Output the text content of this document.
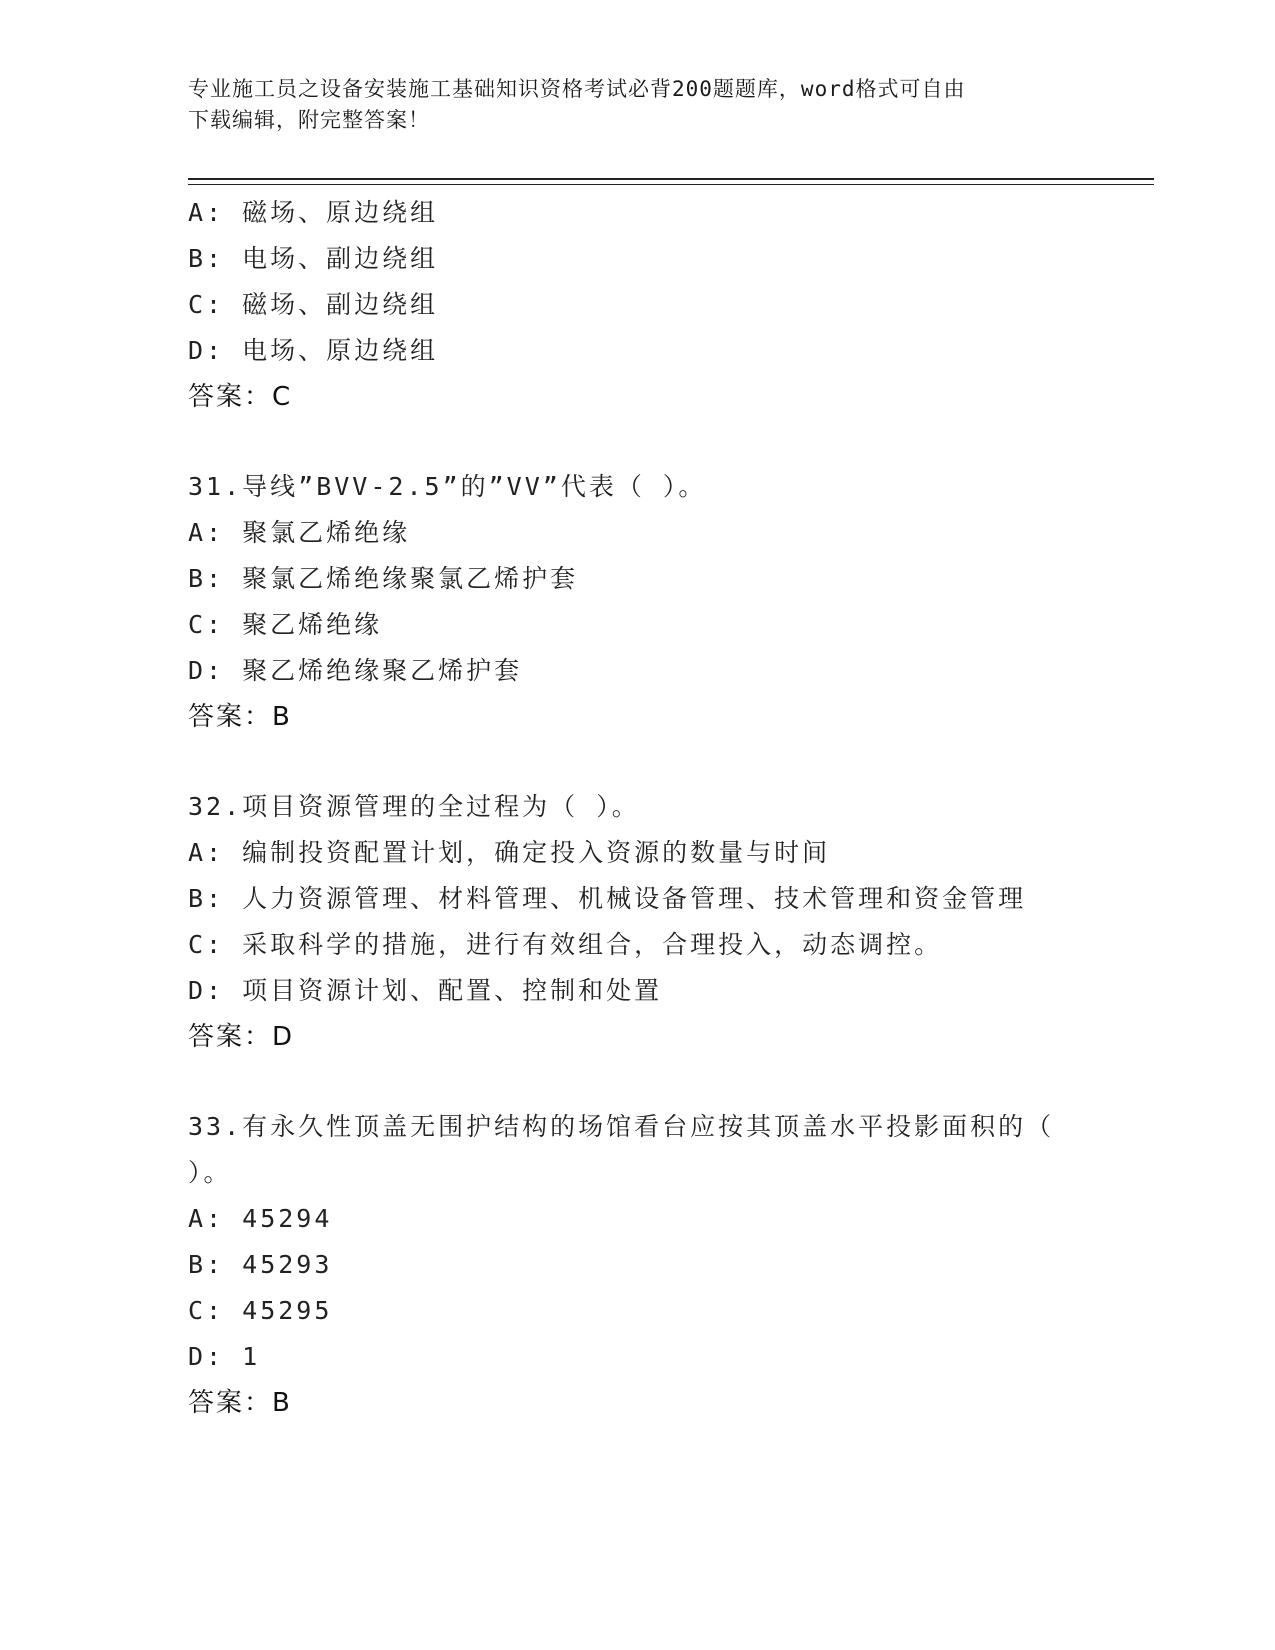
专业施工员之设备安装施工基础知识资格考试必背200题题库，word格式可自由
下载编辑，附完整答案！
A: 磁场、原边绕组
B: 电场、副边绕组
C: 磁场、副边绕组
D: 电场、原边绕组
答案：C
31.导线”BVV-2.5”的”VV”代表（ ）。
A: 聚氯乙烯绝缘
B: 聚氯乙烯绝缘聚氯乙烯护套
C: 聚乙烯绝缘
D: 聚乙烯绝缘聚乙烯护套
答案：B
32.项目资源管理的全过程为（ ）。
A: 编制投资配置计划，确定投入资源的数量与时间
B: 人力资源管理、材料管理、机械设备管理、技术管理和资金管理
C: 采取科学的措施，进行有效组合，合理投入，动态调控。
D: 项目资源计划、配置、控制和处置
答案：D
33.有永久性顶盖无围护结构的场馆看台应按其顶盖水平投影面积的（
）。
A: 45294
B: 45293
C: 45295
D: 1
答案：B
